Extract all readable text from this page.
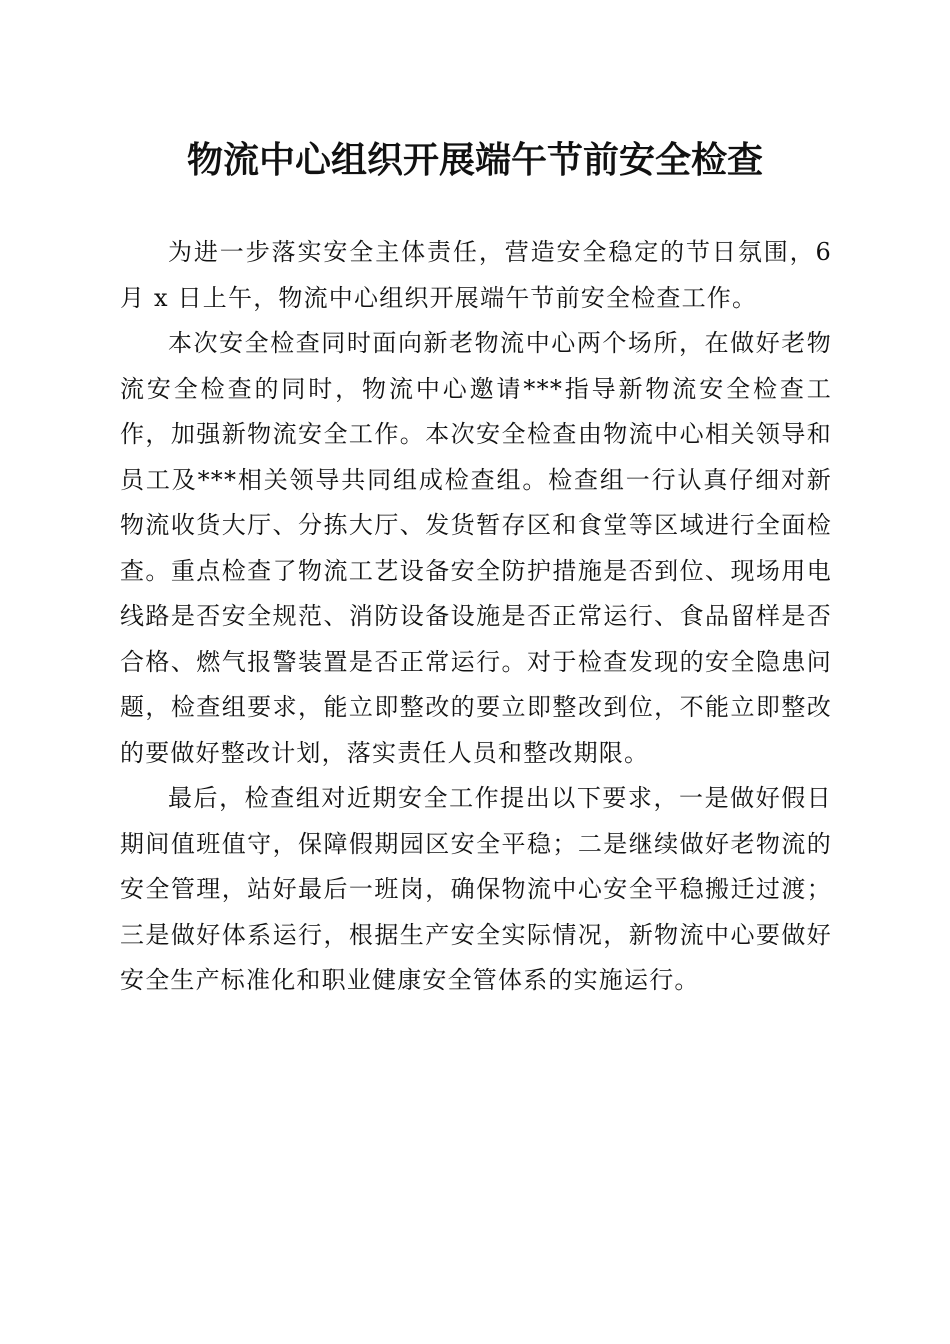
物流中心组织开展端午节前安全检查

为进一步落实安全主体责任，营造安全稳定的节日氛围，6月 x 日上午，物流中心组织开展端午节前安全检查工作。

本次安全检查同时面向新老物流中心两个场所，在做好老物流安全检查的同时，物流中心邀请***指导新物流安全检查工作，加强新物流安全工作。本次安全检查由物流中心相关领导和员工及***相关领导共同组成检查组。检查组一行认真仔细对新物流收货大厅、分拣大厅、发货暂存区和食堂等区域进行全面检查。重点检查了物流工艺设备安全防护措施是否到位、现场用电线路是否安全规范、消防设备设施是否正常运行、食品留样是否合格、燃气报警装置是否正常运行。对于检查发现的安全隐患问题，检查组要求，能立即整改的要立即整改到位，不能立即整改的要做好整改计划，落实责任人员和整改期限。

最后，检查组对近期安全工作提出以下要求，一是做好假日期间值班值守，保障假期园区安全平稳；二是继续做好老物流的安全管理，站好最后一班岗，确保物流中心安全平稳搬迁过渡；三是做好体系运行，根据生产安全实际情况，新物流中心要做好安全生产标准化和职业健康安全管体系的实施运行。
